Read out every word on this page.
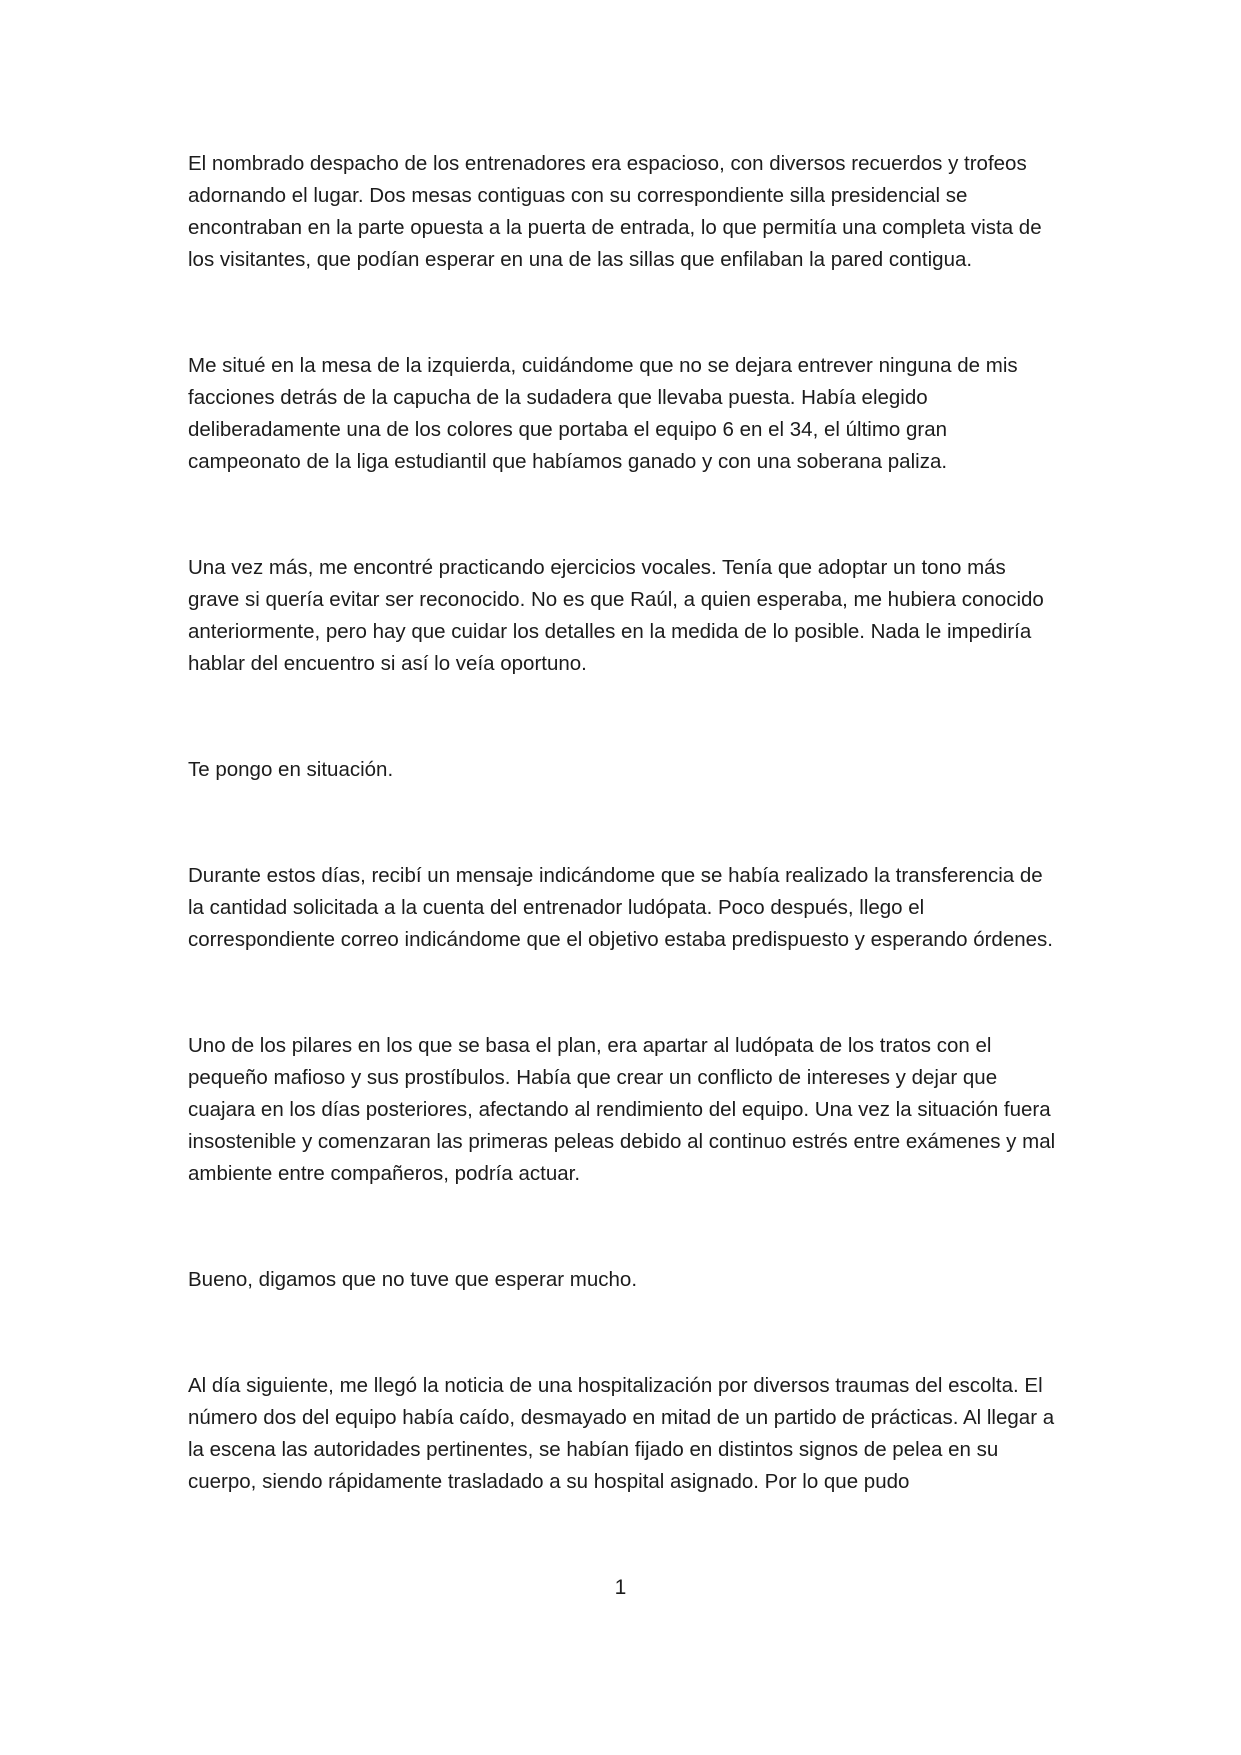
El nombrado despacho de los entrenadores era espacioso, con diversos recuerdos y trofeos adornando el lugar. Dos mesas contiguas con su correspondiente silla presidencial se encontraban en la parte opuesta a la puerta de entrada, lo que permitía una completa vista de los visitantes, que podían esperar en una de las sillas que enfilaban la pared contigua.

Me situé en la mesa de la izquierda, cuidándome que no se dejara entrever ninguna de mis facciones detrás de la capucha de la sudadera que llevaba puesta. Había elegido deliberadamente una de los colores que portaba el equipo 6 en el 34, el último gran campeonato de la liga estudiantil que habíamos ganado y con una soberana paliza.

Una vez más, me encontré practicando ejercicios vocales. Tenía que adoptar un tono más grave si quería evitar ser reconocido. No es que Raúl, a quien esperaba, me hubiera conocido anteriormente, pero hay que cuidar los detalles en la medida de lo posible. Nada le impediría hablar del encuentro si así lo veía oportuno.

Te pongo en situación.

Durante estos días, recibí un mensaje indicándome que se había realizado la transferencia de la cantidad solicitada a la cuenta del entrenador ludópata. Poco después, llego el correspondiente correo indicándome que el objetivo estaba predispuesto y esperando órdenes.

Uno de los pilares en los que se basa el plan, era apartar al ludópata de los tratos con el pequeño mafioso y sus prostíbulos. Había que crear un conflicto de intereses y dejar que cuajara en los días posteriores, afectando al rendimiento del equipo. Una vez la situación fuera insostenible y comenzaran las primeras peleas debido al continuo estrés entre exámenes y mal ambiente entre compañeros, podría actuar.

Bueno, digamos que no tuve que esperar mucho.

Al día siguiente, me llegó la noticia de una hospitalización por diversos traumas del escolta. El número dos del equipo había caído, desmayado en mitad de un partido de prácticas. Al llegar a la escena las autoridades pertinentes, se habían fijado en distintos signos de pelea en su cuerpo, siendo rápidamente trasladado a su hospital asignado. Por lo que pudo

1
